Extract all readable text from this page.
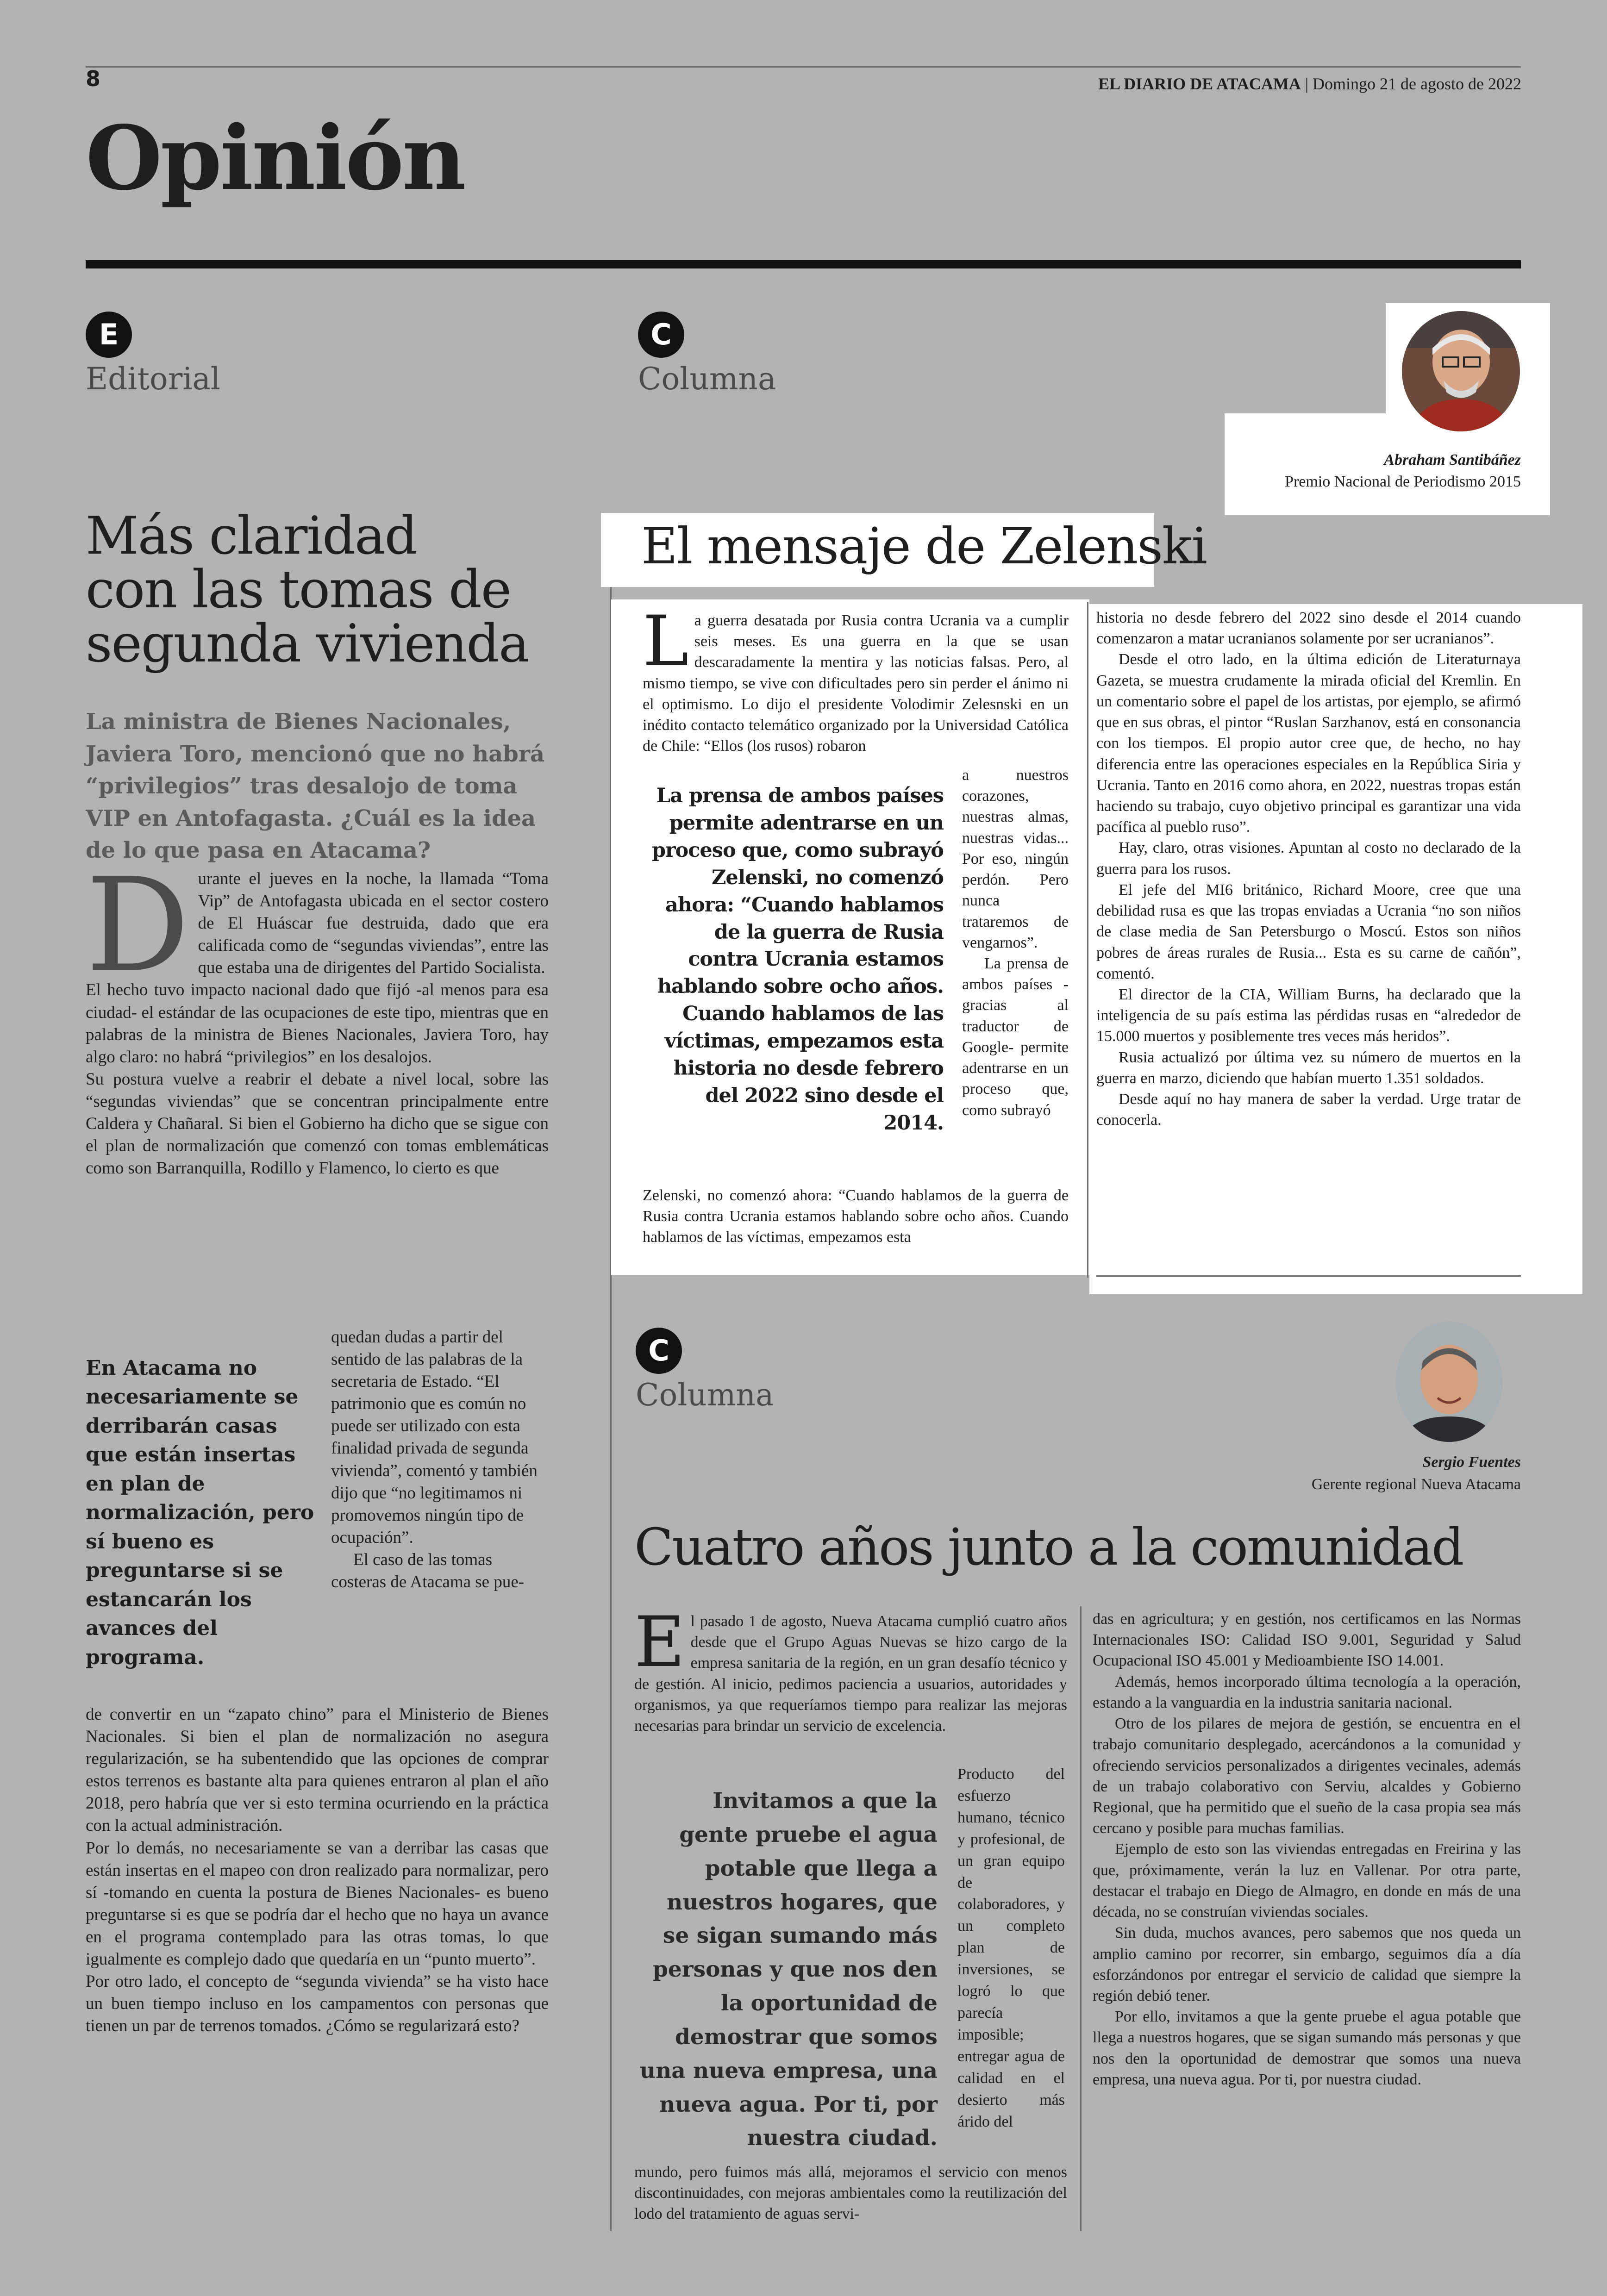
8	EL DIARIO DE ATACAMA | Domingo 21 de agosto de 2022
Opinión
E
Editorial
Más claridad
con las tomas de
segunda vivienda
La ministra de Bienes Nacionales, Javiera Toro, mencionó que no habrá “privilegios” tras desalojo de toma VIP en Antofagasta. ¿Cuál es la idea de lo que pasa en Atacama?

Durante el jueves en la noche, la llamada “Toma Vip” de Antofagasta ubicada en el sector costero de El Huáscar fue destruida, dado que era calificada como de “segundas viviendas”, entre las que estaba una de dirigentes del Partido Socialista.

El hecho tuvo impacto nacional dado que fijó -al menos para esa ciudad- el estándar de las ocupaciones de este tipo, mientras que en palabras de la ministra de Bienes Nacionales, Javiera Toro, hay algo claro: no habrá “privilegios” en los desalojos.

Su postura vuelve a reabrir el debate a nivel local, sobre las “segundas viviendas” que se concentran principalmente entre Caldera y Chañaral. Si bien el Gobierno ha dicho que se sigue con el plan de normalización que comenzó con tomas emblemáticas como son Barranquilla, Rodillo y Flamenco, lo cierto es que

En Atacama no necesariamente se derribarán casas que están insertas en plan de normalización, pero sí bueno es preguntarse si se estancarán los avances del programa.

quedan dudas a partir del sentido de las palabras de la secretaria de Estado. “El patrimonio que es común no puede ser utilizado con esta finalidad privada de segunda vivienda”, comentó y también dijo que “no legitimamos ni promovemos ningún tipo de ocupación”.

El caso de las tomas costeras de Atacama se pue-

de convertir en un “zapato chino” para el Ministerio de Bienes Nacionales. Si bien el plan de normalización no asegura regularización, se ha subentendido que las opciones de comprar estos terrenos es bastante alta para quienes entraron al plan el año 2018, pero habría que ver si esto termina ocurriendo en la práctica con la actual administración.

Por lo demás, no necesariamente se van a derribar las casas que están insertas en el mapeo con dron realizado para normalizar, pero sí -tomando en cuenta la postura de Bienes Nacionales- es bueno preguntarse si es que se podría dar el hecho que no haya un avance en el programa contemplado para las otras tomas, lo que igualmente es complejo dado que quedaría en un “punto muerto”.

Por otro lado, el concepto de “segunda vivienda” se ha visto hace un buen tiempo incluso en los campamentos con personas que tienen un par de terrenos tomados. ¿Cómo se regularizará esto?

C
Columna
Abraham Santibáñez
Premio Nacional de Periodismo 2015
El mensaje de Zelenski

La guerra desatada por Rusia contra Ucrania va a cumplir seis meses. Es una guerra en la que se usan descaradamente la mentira y las noticias falsas. Pero, al mismo tiempo, se vive con dificultades pero sin perder el ánimo ni el optimismo. Lo dijo el presidente Volodimir Zelesnski en un inédito contacto telemático organizado por la Universidad Católica de Chile: “Ellos (los rusos) robaron

La prensa de ambos países permite adentrarse en un proceso que, como subrayó Zelenski, no comenzó ahora: “Cuando hablamos de la guerra de Rusia contra Ucrania estamos hablando sobre ocho años. Cuando hablamos de las víctimas, empezamos esta historia no desde febrero del 2022 sino desde el 2014.

a nuestros corazones, nuestras almas, nuestras vidas... Por eso, ningún perdón. Pero nunca trataremos de vengarnos”.

La prensa de ambos países -gracias al traductor de Google- permite adentrarse en un proceso que, como subrayó

Zelenski, no comenzó ahora: “Cuando hablamos de la guerra de Rusia contra Ucrania estamos hablando sobre ocho años. Cuando hablamos de las víctimas, empezamos esta

historia no desde febrero del 2022 sino desde el 2014 cuando comenzaron a matar ucranianos solamente por ser ucranianos”.

Desde el otro lado, en la última edición de Literaturnaya Gazeta, se muestra crudamente la mirada oficial del Kremlin. En un comentario sobre el papel de los artistas, por ejemplo, se afirmó que en sus obras, el pintor “Ruslan Sarzhanov, está en consonancia con los tiempos. El propio autor cree que, de hecho, no hay diferencia entre las operaciones especiales en la República Siria y Ucrania. Tanto en 2016 como ahora, en 2022, nuestras tropas están haciendo su trabajo, cuyo objetivo principal es garantizar una vida pacífica al pueblo ruso”.

Hay, claro, otras visiones. Apuntan al costo no declarado de la guerra para los rusos.

El jefe del MI6 británico, Richard Moore, cree que una debilidad rusa es que las tropas enviadas a Ucrania “no son niños de clase media de San Petersburgo o Moscú. Estos son niños pobres de áreas rurales de Rusia... Esta es su carne de cañón”, comentó.

El director de la CIA, William Burns, ha declarado que la inteligencia de su país estima las pérdidas rusas en “alrededor de 15.000 muertos y posiblemente tres veces más heridos”.

Rusia actualizó por última vez su número de muertos en la guerra en marzo, diciendo que habían muerto 1.351 soldados.

Desde aquí no hay manera de saber la verdad. Urge tratar de conocerla.

C
Columna
Sergio Fuentes
Gerente regional Nueva Atacama
Cuatro años junto a la comunidad

El pasado 1 de agosto, Nueva Atacama cumplió cuatro años desde que el Grupo Aguas Nuevas se hizo cargo de la empresa sanitaria de la región, en un gran desafío técnico y de gestión. Al inicio, pedimos paciencia a usuarios, autoridades y organismos, ya que requeríamos tiempo para realizar las mejoras necesarias para brindar un servicio de excelencia.

Invitamos a que la gente pruebe el agua potable que llega a nuestros hogares, que se sigan sumando más personas y que nos den la oportunidad de demostrar que somos una nueva empresa, una nueva agua. Por ti, por nuestra ciudad.

Producto del esfuerzo humano, técnico y profesional, de un gran equipo de colaboradores, y un completo plan de inversiones, se logró lo que parecía imposible; entregar agua de calidad en el desierto más árido del

mundo, pero fuimos más allá, mejoramos el servicio con menos discontinuidades, con mejoras ambientales como la reutilización del lodo del tratamiento de aguas servi-

das en agricultura; y en gestión, nos certificamos en las Normas Internacionales ISO: Calidad ISO 9.001, Seguridad y Salud Ocupacional ISO 45.001 y Medioambiente ISO 14.001.

Además, hemos incorporado última tecnología a la operación, estando a la vanguardia en la industria sanitaria nacional.

Otro de los pilares de mejora de gestión, se encuentra en el trabajo comunitario desplegado, acercándonos a la comunidad y ofreciendo servicios personalizados a dirigentes vecinales, además de un trabajo colaborativo con Serviu, alcaldes y Gobierno Regional, que ha permitido que el sueño de la casa propia sea más cercano y posible para muchas familias.

Ejemplo de esto son las viviendas entregadas en Freirina y las que, próximamente, verán la luz en Vallenar. Por otra parte, destacar el trabajo en Diego de Almagro, en donde en más de una década, no se construían viviendas sociales.

Sin duda, muchos avances, pero sabemos que nos queda un amplio camino por recorrer, sin embargo, seguimos día a día esforzándonos por entregar el servicio de calidad que siempre la región debió tener.

Por ello, invitamos a que la gente pruebe el agua potable que llega a nuestros hogares, que se sigan sumando más personas y que nos den la oportunidad de demostrar que somos una nueva empresa, una nueva agua. Por ti, por nuestra ciudad.
